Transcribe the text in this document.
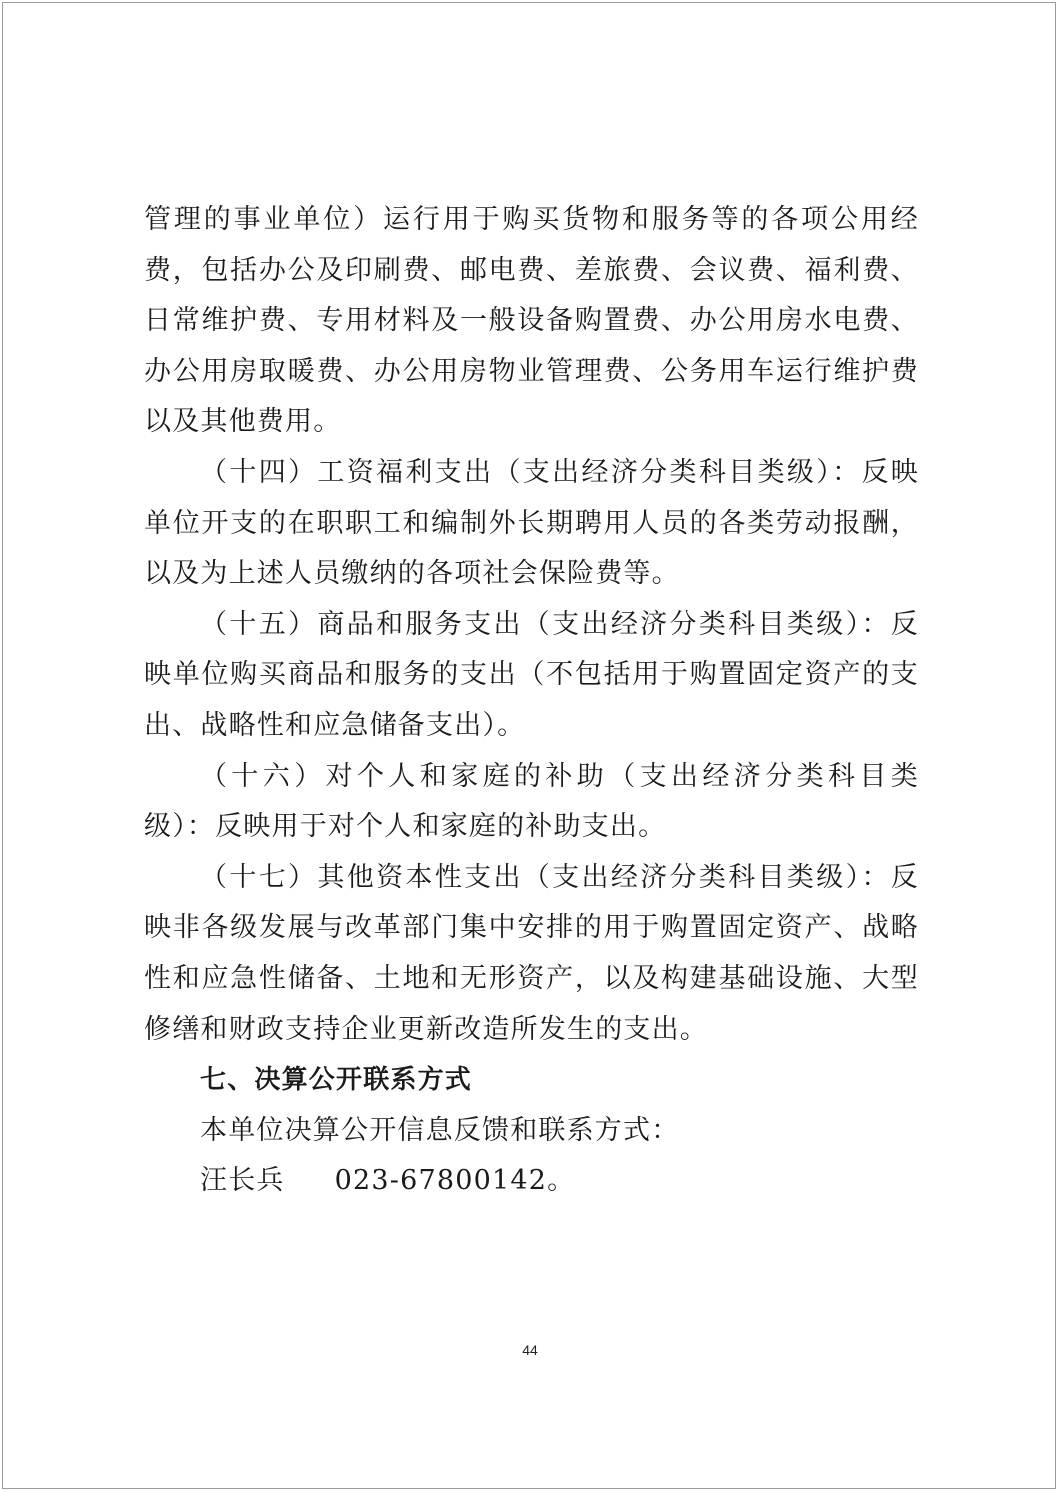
管理的事业单位）运行用于购买货物和服务等的各项公用经费，包括办公及印刷费、邮电费、差旅费、会议费、福利费、日常维护费、专用材料及一般设备购置费、办公用房水电费、办公用房取暖费、办公用房物业管理费、公务用车运行维护费以及其他费用。

（十四）工资福利支出（支出经济分类科目类级）：反映单位开支的在职职工和编制外长期聘用人员的各类劳动报酬，以及为上述人员缴纳的各项社会保险费等。

（十五）商品和服务支出（支出经济分类科目类级）：反映单位购买商品和服务的支出（不包括用于购置固定资产的支出、战略性和应急储备支出）。

（十六）对个人和家庭的补助（支出经济分类科目类级）：反映用于对个人和家庭的补助支出。

（十七）其他资本性支出（支出经济分类科目类级）：反映非各级发展与改革部门集中安排的用于购置固定资产、战略性和应急性储备、土地和无形资产，以及构建基础设施、大型修缮和财政支持企业更新改造所发生的支出。

七、决算公开联系方式

本单位决算公开信息反馈和联系方式：

汪长兵 023-67800142。

44
